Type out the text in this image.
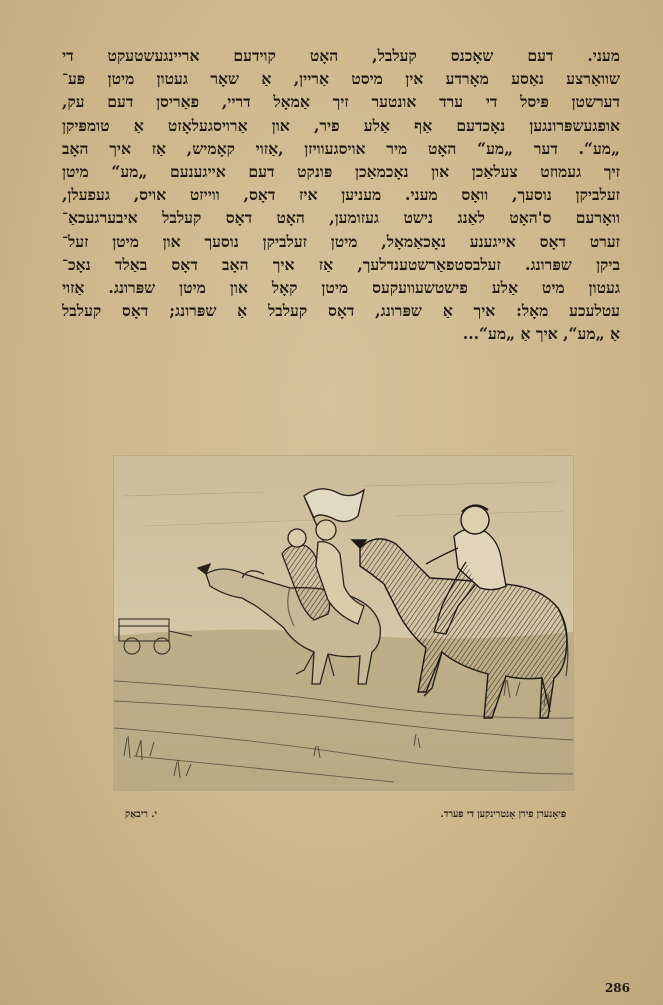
מעני. דעם שאָכנס קעלבל, האָט קוידעם אריינגעשטעקט די
שוואַרצע נאַסע מאָרדע אין מיסט אַריין, אַ שאָר געטון מיטן פּע־
דערשטן פּיסל די ערד אונטער זיך אַמאָל דריי, פאַריסן דעם עק,
אופגעשפּרונגען נאָכדעם אַף אַלע פיר, און אַרויסגעלאָזט אַ טומפּיקן
„מע“. דער „מע“ האָט מיר אויסגעוויזן ,אַזוי קאָמיש, אַז איך האָב
זיך געמוזט צעלאַכן און נאָכמאַכן פּונקט דעם אייגענעם „מע“ מיטן
זעלביקן נוסעך, וואָס מעני. מעניען איז דאָס, ווייזט אויס, געפעלן,
וואָרעם ס'האָט לאַנג נישט געזומען, האָט דאָס קעלבל איבערגעכאַ־
זערט דאָס אייגענע נאָכאַמאָל, מיטן זעלביקן נוסעך און מיטן זעל־
ביקן שפּרונג. זעלבסטפאַרשטענדלעך, אַז איך האָב דאָס באַלד נאָכ־
געטון מיט אַלע פישטשעוועקעס מיטן קאָל און מיטן שפּרונג. אַזוי
עטלעכע מאָל: איך אַ שפּרונג, דאָס קעלבל אַ שפּרונג; דאָס קעלבל
אַ „מע“, איך אַ „מע“...
פּיאָנערן פירן אָנטרינקען די פערד.
י. ריבאַק
286
